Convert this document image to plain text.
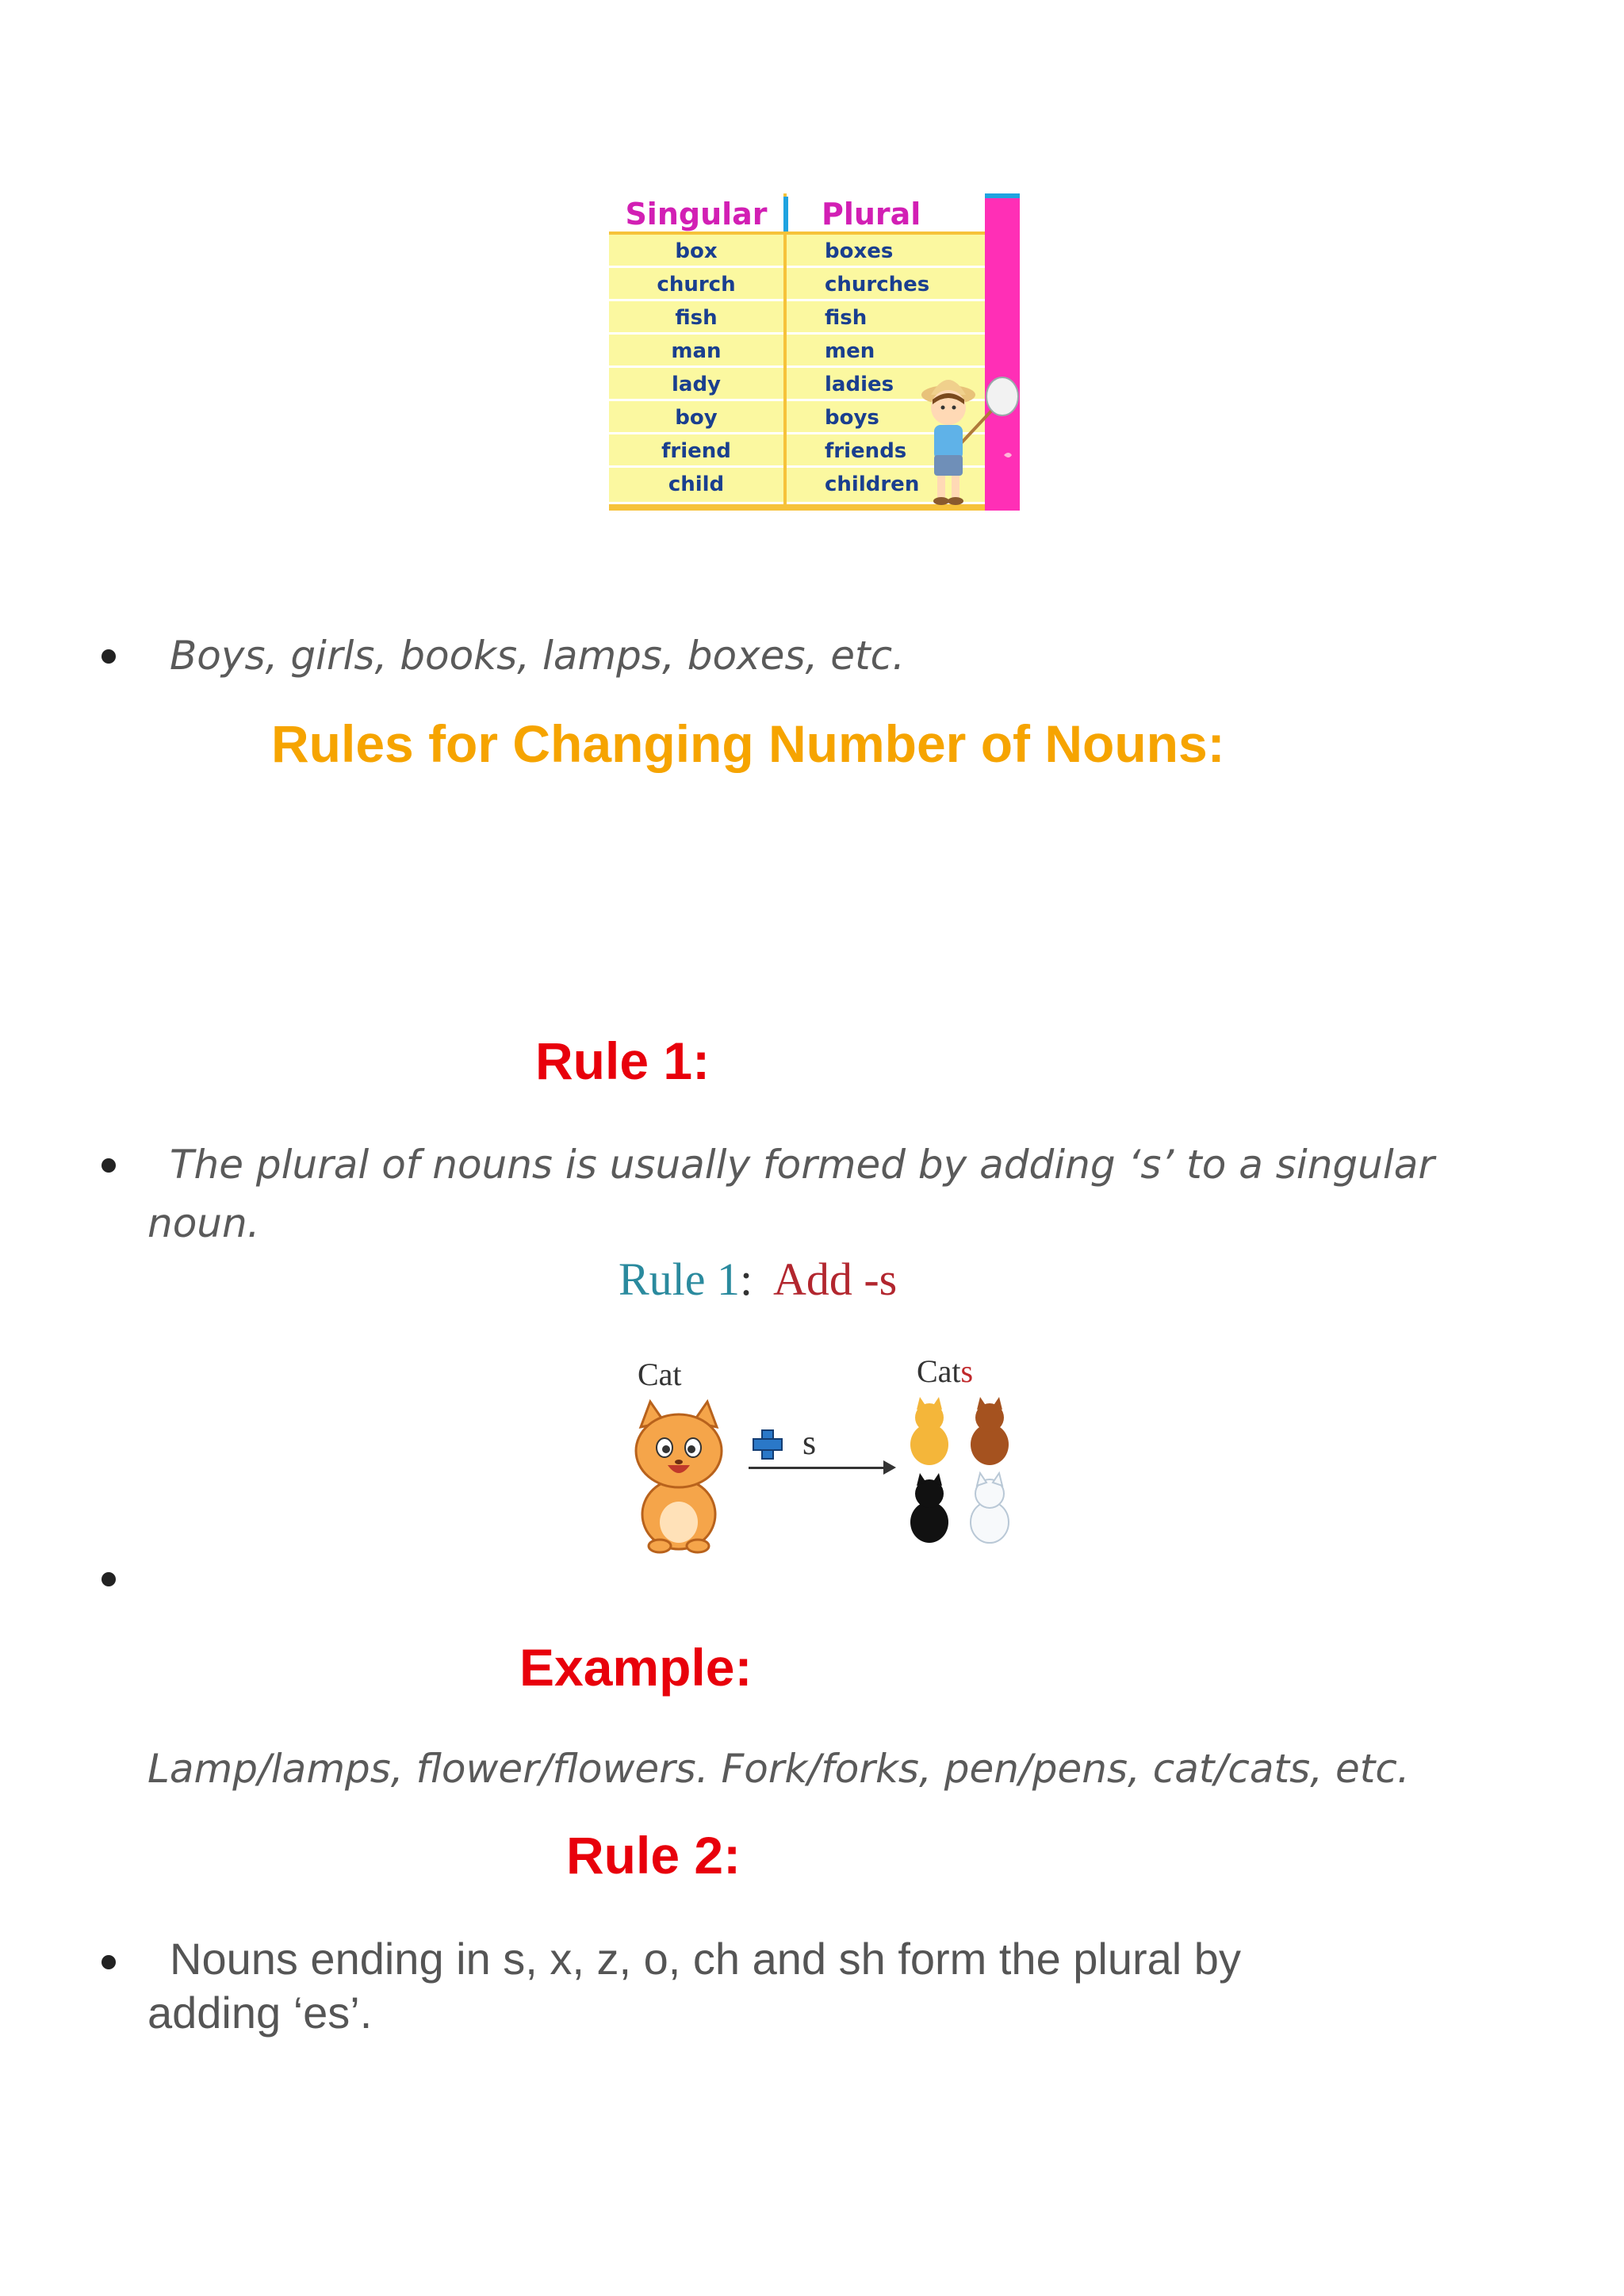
Singular	Plural
box	boxes
church	churches
fish	fish
man	men
lady	ladies
boy	boys
friend	friends
child	children
Boys, girls, books, lamps, boxes, etc.
Rules for Changing Number of Nouns:
Rule 1:
The plural of nouns is usually formed by adding ‘s’ to a singular
noun.
Rule 1: Add -s
Cat	Cats
s
Example:
Lamp/lamps, flower/flowers. Fork/forks, pen/pens, cat/cats, etc.
Rule 2:
Nouns ending in s, x, z, o, ch and sh form the plural by
adding ‘es’.
